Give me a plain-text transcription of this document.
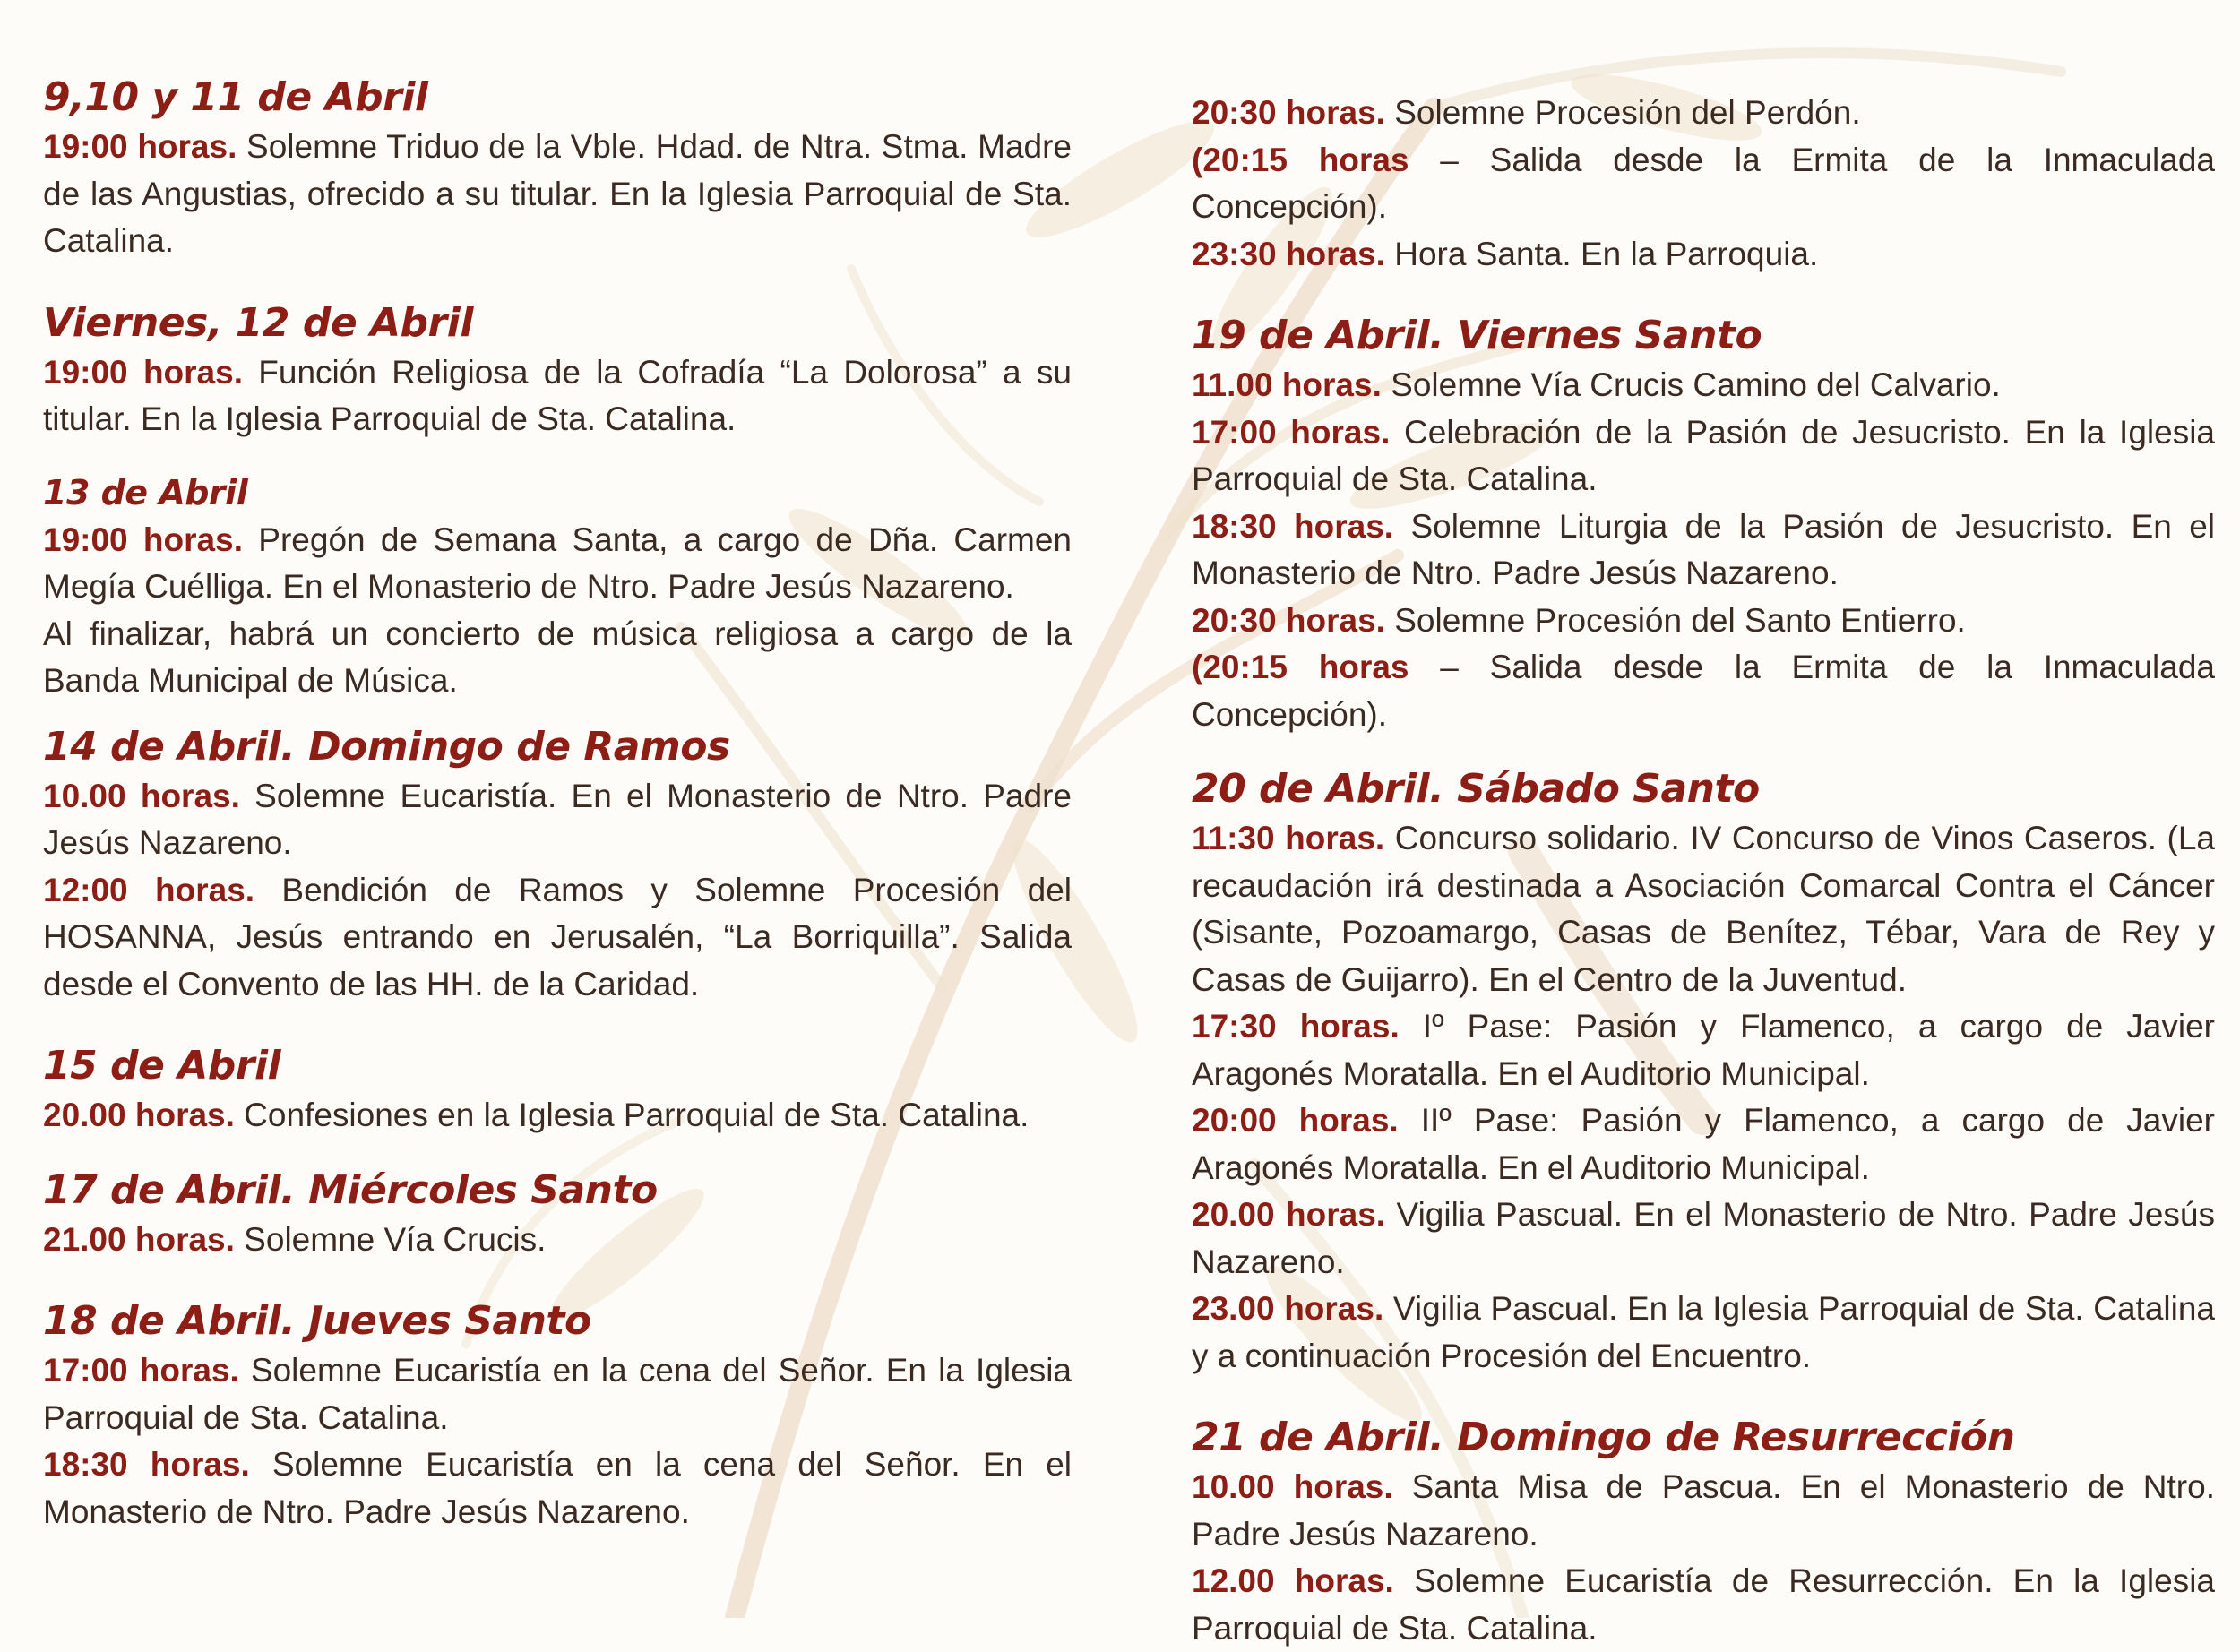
9,10 y 11 de Abril
19:00 horas. Solemne Triduo de la Vble. Hdad. de Ntra. Stma. Madre de las Angustias, ofrecido a su titular. En la Iglesia Parroquial de Sta. Catalina.
Viernes, 12 de Abril
19:00 horas. Función Religiosa de la Cofradía “La Dolorosa” a su titular. En la Iglesia Parroquial de Sta. Catalina.
13 de Abril
19:00 horas. Pregón de Semana Santa, a cargo de Dña. Carmen Megía Cuélliga. En el Monasterio de Ntro. Padre Jesús Nazareno.
Al finalizar, habrá un concierto de música religiosa a cargo de la Banda Municipal de Música.
14 de Abril. Domingo de Ramos
10.00 horas. Solemne Eucaristía. En el Monasterio de Ntro. Padre Jesús Nazareno.
12:00 horas. Bendición de Ramos y Solemne Procesión del HOSANNA, Jesús entrando en Jerusalén, “La Borriquilla”. Salida desde el Convento de las HH. de la Caridad.
15 de Abril
20.00 horas. Confesiones en la Iglesia Parroquial de Sta. Catalina.
17 de Abril. Miércoles Santo
21.00 horas. Solemne Vía Crucis.
18 de Abril. Jueves Santo
17:00 horas. Solemne Eucaristía en la cena del Señor. En la Iglesia Parroquial de Sta. Catalina.
18:30 horas. Solemne Eucaristía en la cena del Señor. En el Monasterio de Ntro. Padre Jesús Nazareno.
20:30 horas. Solemne Procesión del Perdón.
(20:15 horas – Salida desde la Ermita de la Inmaculada Concepción).
23:30 horas. Hora Santa. En la Parroquia.
19 de Abril. Viernes Santo
11.00 horas. Solemne Vía Crucis Camino del Calvario.
17:00 horas. Celebración de la Pasión de Jesucristo. En la Iglesia Parroquial de Sta. Catalina.
18:30 horas. Solemne Liturgia de la Pasión de Jesucristo. En el Monasterio de Ntro. Padre Jesús Nazareno.
20:30 horas. Solemne Procesión del Santo Entierro.
(20:15 horas – Salida desde la Ermita de la Inmaculada Concepción).
20 de Abril. Sábado Santo
11:30 horas. Concurso solidario. IV Concurso de Vinos Caseros. (La recaudación irá destinada a Asociación Comarcal Contra el Cáncer (Sisante, Pozoamargo, Casas de Benítez, Tébar, Vara de Rey y Casas de Guijarro). En el Centro de la Juventud.
17:30 horas. Iº Pase: Pasión y Flamenco, a cargo de Javier Aragonés Moratalla. En el Auditorio Municipal.
20:00 horas. IIº Pase: Pasión y Flamenco, a cargo de Javier Aragonés Moratalla. En el Auditorio Municipal.
20.00 horas. Vigilia Pascual. En el Monasterio de Ntro. Padre Jesús Nazareno.
23.00 horas. Vigilia Pascual. En la Iglesia Parroquial de Sta. Catalina y a continuación Procesión del Encuentro.
21 de Abril. Domingo de Resurrección
10.00 horas. Santa Misa de Pascua. En el Monasterio de Ntro. Padre Jesús Nazareno.
12.00 horas. Solemne Eucaristía de Resurrección. En la Iglesia Parroquial de Sta. Catalina.
